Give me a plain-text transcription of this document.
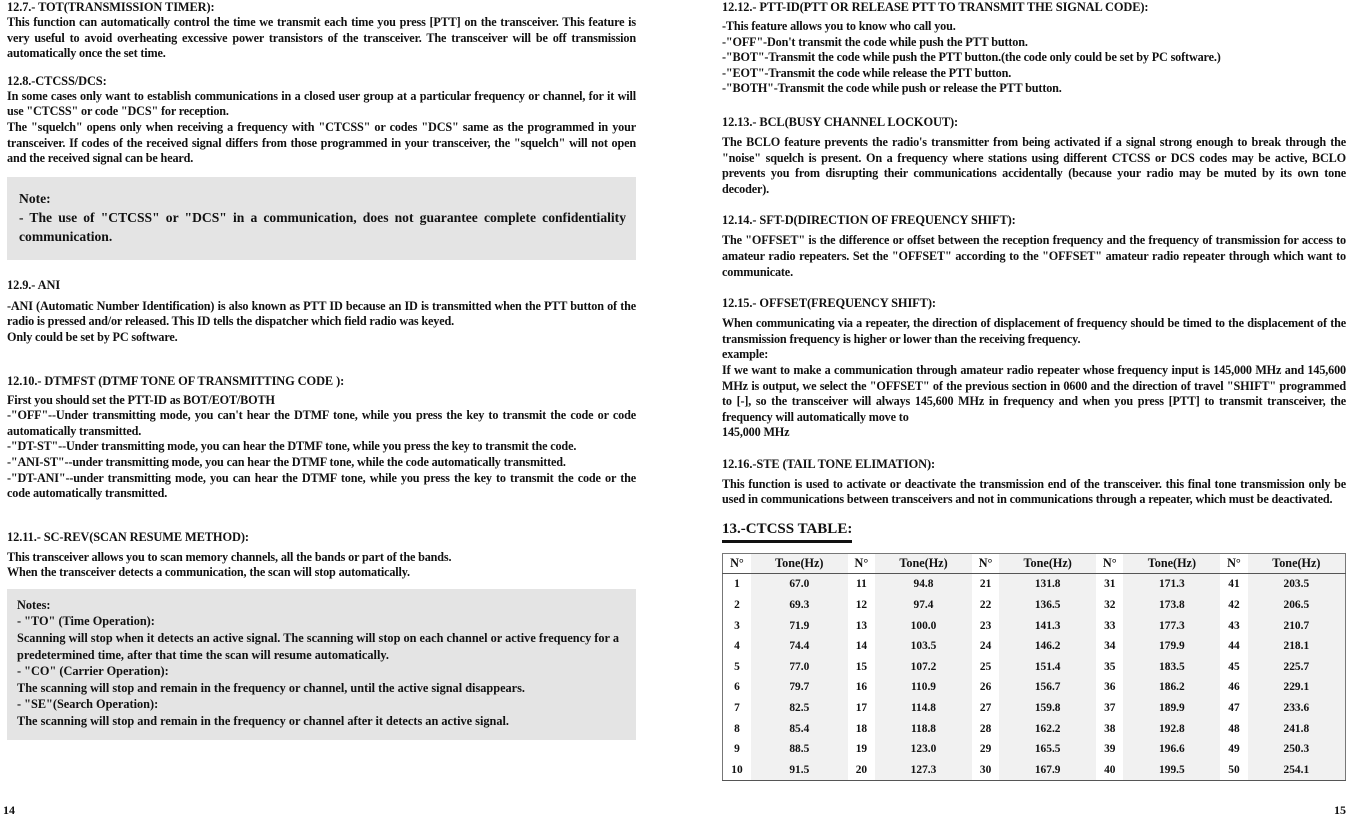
12.7.- TOT(TRANSMISSION TIMER):

This function can automatically control the time we transmit each time you press [PTT] on the transceiver. This feature is very useful to avoid overheating excessive power transistors of the transceiver. The transceiver will be off transmission automatically once the set time.

12.8.-CTCSS/DCS:

In some cases only want to establish communications in a closed user group at a particular frequency or channel, for it will use "CTCSS" or code "DCS" for reception.

The "squelch" opens only when receiving a frequency with "CTCSS" or codes "DCS" same as the programmed in your transceiver. If codes of the received signal differs from those programmed in your transceiver, the "squelch" will not open and the received signal can be heard.

Note:

- The use of "CTCSS" or "DCS" in a communication, does not guarantee complete confidentiality communication.

12.9.- ANI

-ANI (Automatic Number Identification) is also known as PTT ID because an ID is transmitted when the PTT button of the radio is pressed and/or released. This ID tells the dispatcher which field radio was keyed.

Only could be set by PC software.

12.10.- DTMFST (DTMF TONE OF TRANSMITTING CODE ):

First you should set the PTT-ID as BOT/EOT/BOTH

-"OFF"--Under transmitting mode, you can't hear the DTMF tone, while you press the key to transmit the code or code automatically transmitted.

-"DT-ST"--Under transmitting mode, you can hear the DTMF tone, while you press the key to transmit the code.

-"ANI-ST"--under transmitting mode, you can hear the DTMF tone, while the code automatically transmitted.

-"DT-ANI"--under transmitting mode, you can hear the DTMF tone, while you press the key to transmit the code or the code automatically transmitted.

12.11.- SC-REV(SCAN RESUME METHOD):

This transceiver allows you to scan memory channels, all the bands or part of the bands.

When the transceiver detects a communication, the scan will stop automatically.

Notes:

- "TO" (Time Operation):

Scanning will stop when it detects an active signal. The scanning will stop on each channel or active frequency for a predetermined time, after that time the scan will resume automatically.

- "CO" (Carrier Operation):

The scanning will stop and remain in the frequency or channel, until the active signal disappears.

- "SE"(Search Operation):

The scanning will stop and remain in the frequency or channel after it detects an active signal.

14
12.12.- PTT-ID(PTT OR RELEASE PTT TO TRANSMIT THE SIGNAL CODE):

-This feature allows you to know who call you.

-"OFF"-Don't transmit the code while push the PTT button.

-"BOT"-Transmit the code while push the PTT button.(the code only could be set by PC software.)

-"EOT"-Transmit the code while release the PTT button.

-"BOTH"-Transmit the code while push or release the PTT button.

12.13.- BCL(BUSY CHANNEL LOCKOUT):

The BCLO feature prevents the radio's transmitter from being activated if a signal strong enough to break through the "noise" squelch is present. On a frequency where stations using different CTCSS or DCS codes may be active, BCLO prevents you from disrupting their communications accidentally (because your radio may be muted by its own tone decoder).

12.14.- SFT-D(DIRECTION OF FREQUENCY SHIFT):

The "OFFSET" is the difference or offset between the reception frequency and the frequency of transmission for access to amateur radio repeaters. Set the "OFFSET" according to the "OFFSET" amateur radio repeater through which want to communicate.

12.15.- OFFSET(FREQUENCY SHIFT):

When communicating via a repeater, the direction of displacement of frequency should be timed to the displacement of the transmission frequency is higher or lower than the receiving frequency.

example:

If we want to make a communication through amateur radio repeater whose frequency input is 145,000 MHz and 145,600 MHz is output, we select the "OFFSET" of the previous section in 0600 and the direction of travel "SHIFT" programmed to [-], so the transceiver will always 145,600 MHz in frequency and when you press [PTT] to transmit transceiver, the frequency will automatically move to

145,000 MHz

12.16.-STE (TAIL TONE ELIMATION):

This function is used to activate or deactivate the transmission end of the transceiver. this final tone transmission only be used in communications between transceivers and not in communications through a repeater, which must be deactivated.

13.-CTCSS TABLE:
N°	Tone(Hz)	N°	Tone(Hz)	N°	Tone(Hz)	N°	Tone(Hz)	N°	Tone(Hz)
1	67.0	11	94.8	21	131.8	31	171.3	41	203.5
2	69.3	12	97.4	22	136.5	32	173.8	42	206.5
3	71.9	13	100.0	23	141.3	33	177.3	43	210.7
4	74.4	14	103.5	24	146.2	34	179.9	44	218.1
5	77.0	15	107.2	25	151.4	35	183.5	45	225.7
6	79.7	16	110.9	26	156.7	36	186.2	46	229.1
7	82.5	17	114.8	27	159.8	37	189.9	47	233.6
8	85.4	18	118.8	28	162.2	38	192.8	48	241.8
9	88.5	19	123.0	29	165.5	39	196.6	49	250.3
10	91.5	20	127.3	30	167.9	40	199.5	50	254.1
15
